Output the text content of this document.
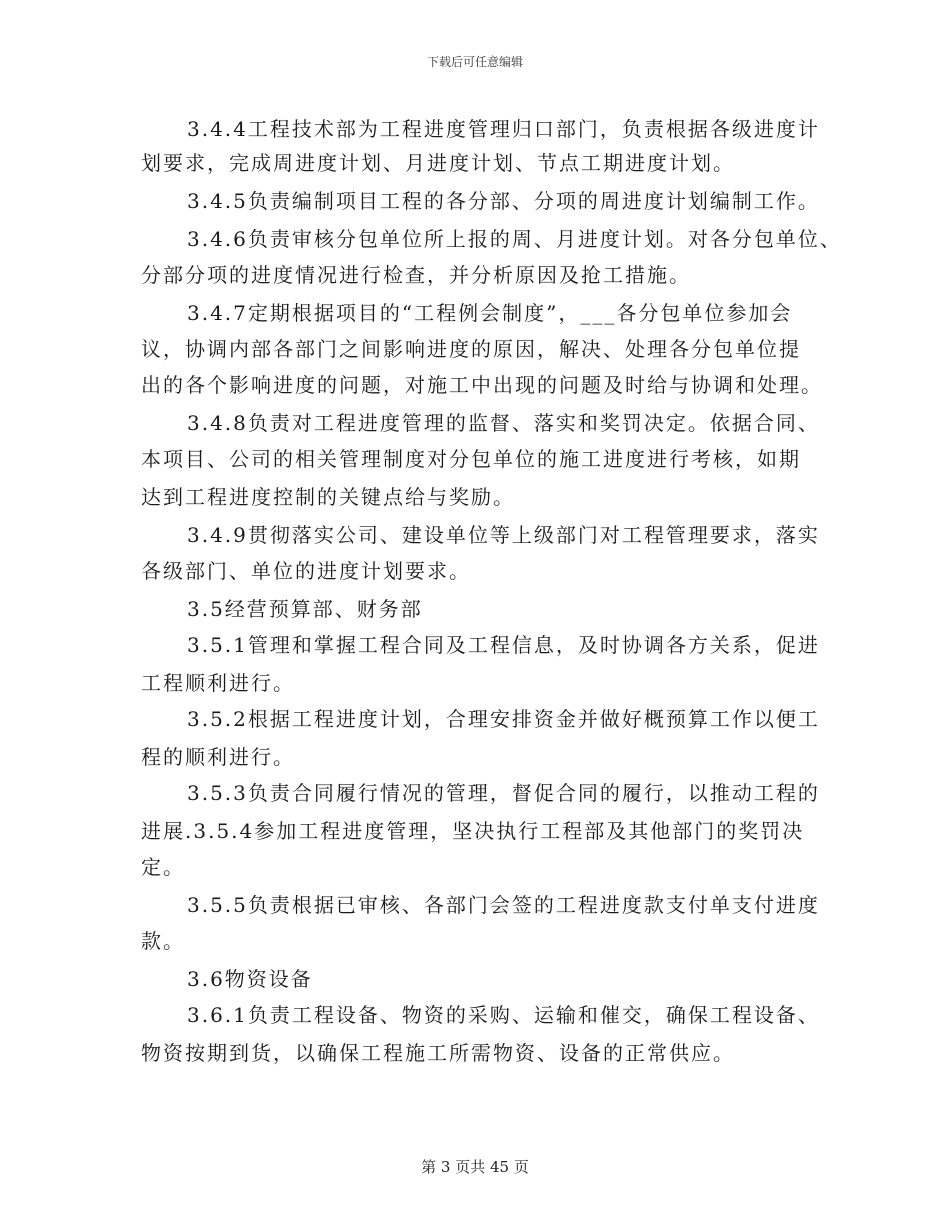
下载后可任意编辑
3.4.4工程技术部为工程进度管理归口部门，负责根据各级进度计
划要求，完成周进度计划、月进度计划、节点工期进度计划。
3.4.5负责编制项目工程的各分部、分项的周进度计划编制工作。
3.4.6负责审核分包单位所上报的周、月进度计划。对各分包单位、
分部分项的进度情况进行检查，并分析原因及抢工措施。
3.4.7定期根据项目的“工程例会制度”，___各分包单位参加会
议，协调内部各部门之间影响进度的原因，解决、处理各分包单位提
出的各个影响进度的问题，对施工中出现的问题及时给与协调和处理。
3.4.8负责对工程进度管理的监督、落实和奖罚决定。依据合同、
本项目、公司的相关管理制度对分包单位的施工进度进行考核，如期
达到工程进度控制的关键点给与奖励。
3.4.9贯彻落实公司、建设单位等上级部门对工程管理要求，落实
各级部门、单位的进度计划要求。
3.5经营预算部、财务部
3.5.1管理和掌握工程合同及工程信息，及时协调各方关系，促进
工程顺利进行。
3.5.2根据工程进度计划，合理安排资金并做好概预算工作以便工
程的顺利进行。
3.5.3负责合同履行情况的管理，督促合同的履行，以推动工程的
进展.3.5.4参加工程进度管理，坚决执行工程部及其他部门的奖罚决
定。
3.5.5负责根据已审核、各部门会签的工程进度款支付单支付进度
款。
3.6物资设备
3.6.1负责工程设备、物资的采购、运输和催交，确保工程设备、
物资按期到货，以确保工程施工所需物资、设备的正常供应。
第 3 页共 45 页
